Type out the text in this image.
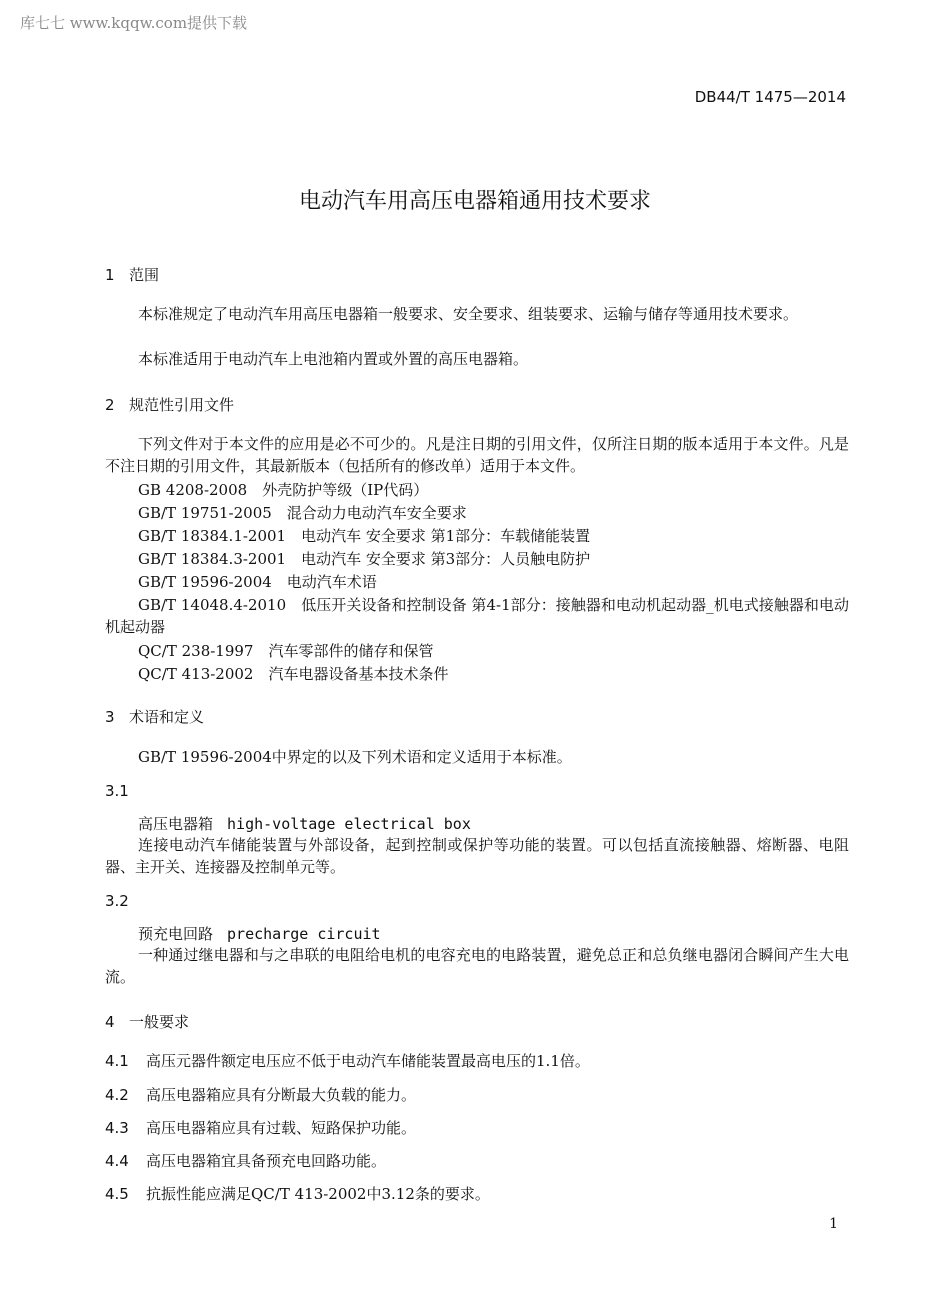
库七七 www.kqqw.com提供下载
DB44/T 1475—2014
电动汽车用高压电器箱通用技术要求
1 范围
本标准规定了电动汽车用高压电器箱一般要求、安全要求、组装要求、运输与储存等通用技术要求。
本标准适用于电动汽车上电池箱内置或外置的高压电器箱。
2 规范性引用文件
下列文件对于本文件的应用是必不可少的。凡是注日期的引用文件，仅所注日期的版本适用于本文件。凡是不注日期的引用文件，其最新版本（包括所有的修改单）适用于本文件。
GB 4208-2008　外壳防护等级（IP代码）
GB/T 19751-2005　混合动力电动汽车安全要求
GB/T 18384.1-2001　电动汽车 安全要求 第1部分：车载储能装置
GB/T 18384.3-2001　电动汽车 安全要求 第3部分：人员触电防护
GB/T 19596-2004　电动汽车术语
GB/T 14048.4-2010　低压开关设备和控制设备 第4-1部分：接触器和电动机起动器_机电式接触器和电动机起动器
QC/T 238-1997　汽车零部件的储存和保管
QC/T 413-2002　汽车电器设备基本技术条件
3 术语和定义
GB/T 19596-2004中界定的以及下列术语和定义适用于本标准。
3.1
高压电器箱 high-voltage electrical box
连接电动汽车储能装置与外部设备，起到控制或保护等功能的装置。可以包括直流接触器、熔断器、电阻器、主开关、连接器及控制单元等。
3.2
预充电回路 precharge circuit
一种通过继电器和与之串联的电阻给电机的电容充电的电路装置，避免总正和总负继电器闭合瞬间产生大电流。
4 一般要求
4.1 高压元器件额定电压应不低于电动汽车储能装置最高电压的1.1倍。
4.2 高压电器箱应具有分断最大负载的能力。
4.3 高压电器箱应具有过载、短路保护功能。
4.4 高压电器箱宜具备预充电回路功能。
4.5 抗振性能应满足QC/T 413-2002中3.12条的要求。
1
